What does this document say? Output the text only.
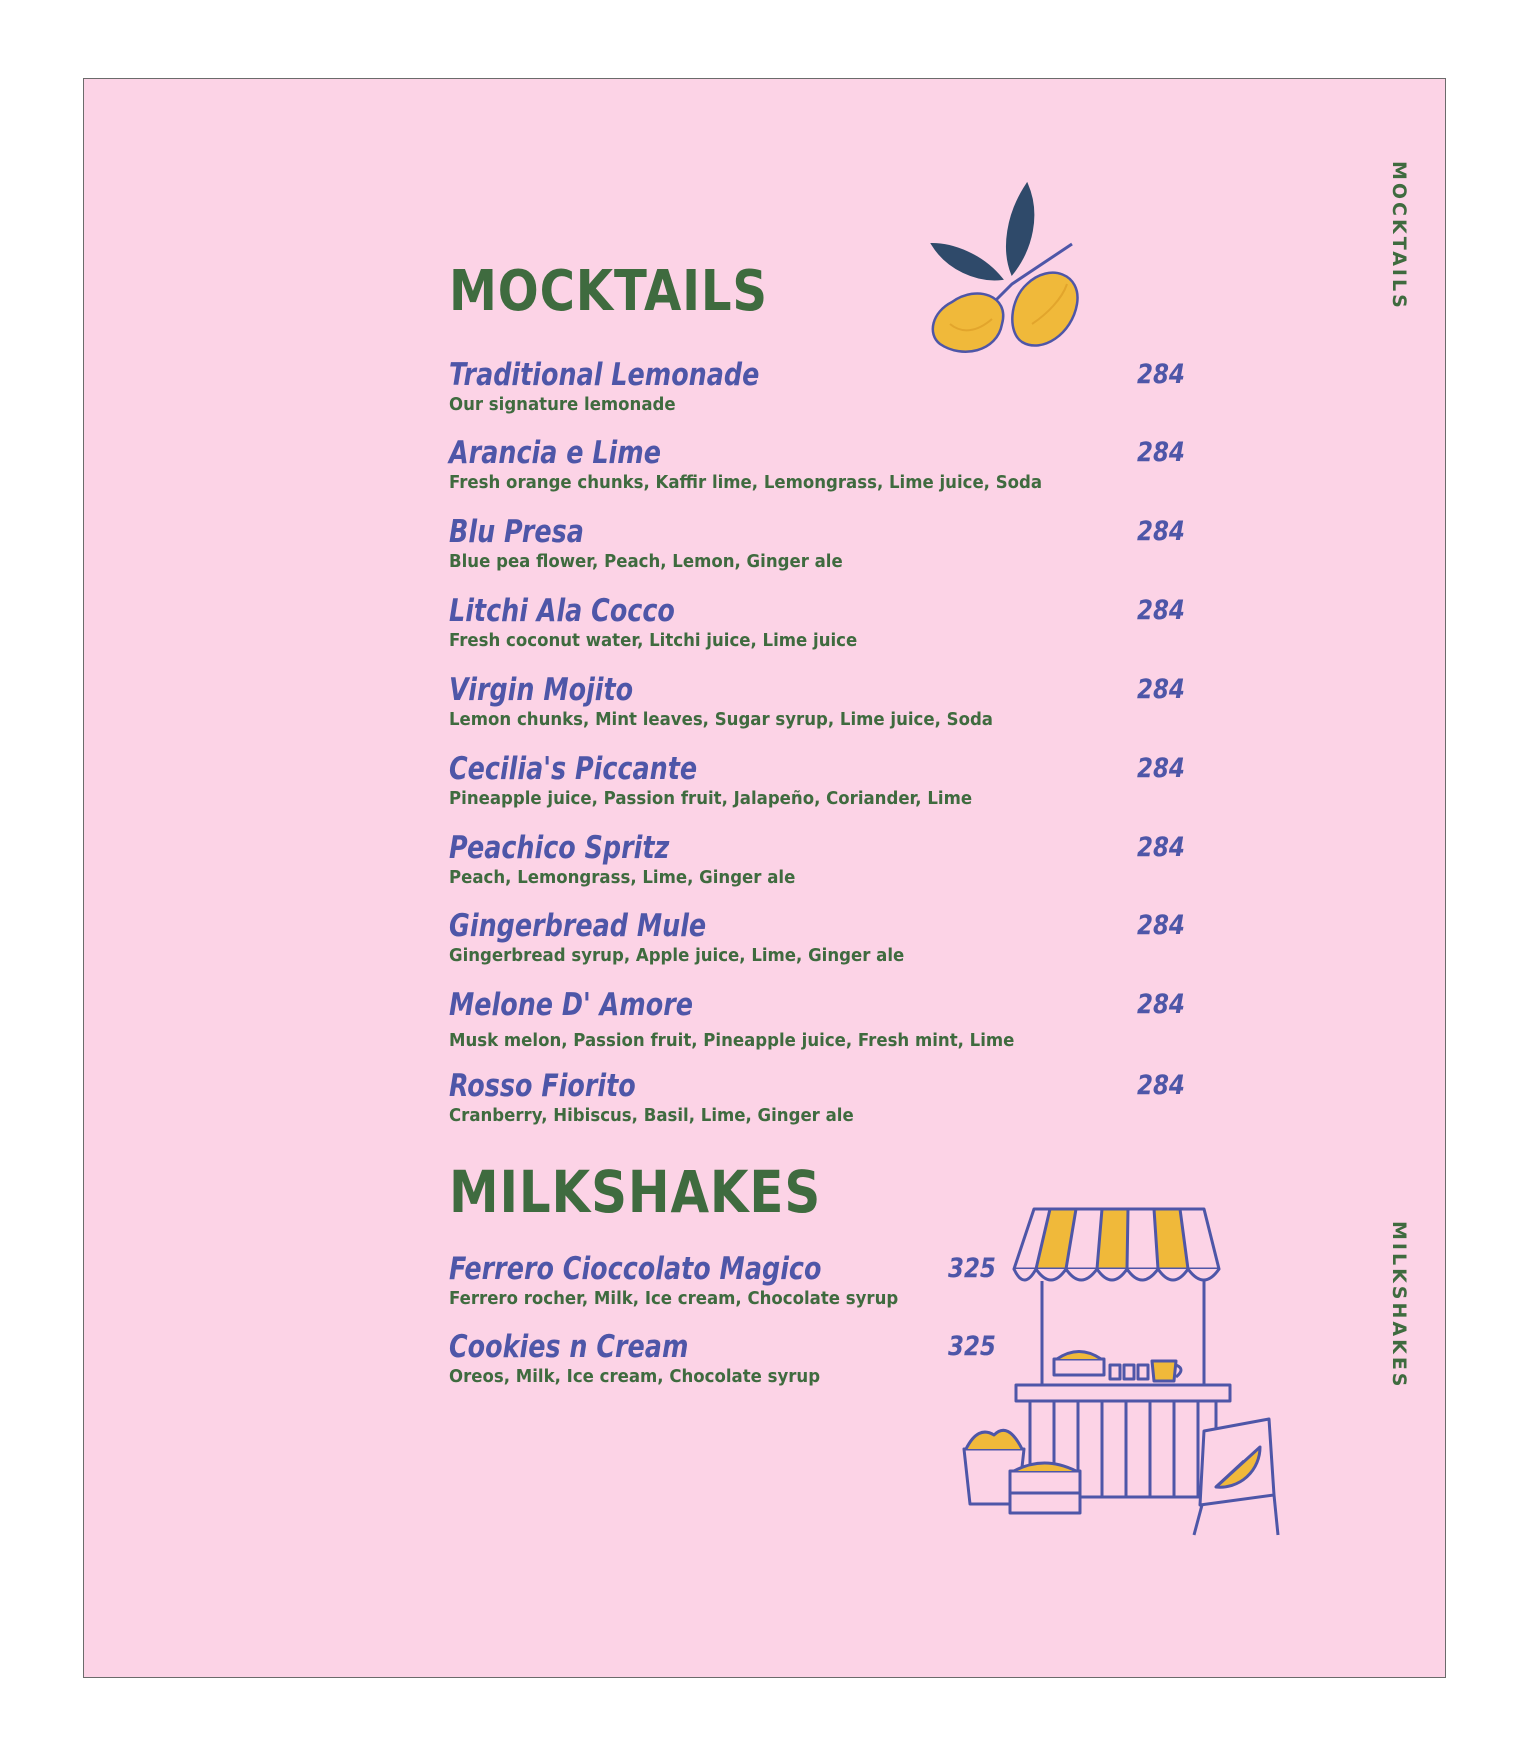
MOCKTAILS
MILKSHAKES
MOCKTAILS
Traditional Lemonade
Our signature lemonade
284
Arancia e Lime
Fresh orange chunks, Kaffir lime, Lemongrass, Lime juice, Soda
284
Blu Presa
Blue pea flower, Peach, Lemon, Ginger ale
284
Litchi Ala Cocco
Fresh coconut water, Litchi juice, Lime juice
284
Virgin Mojito
Lemon chunks, Mint leaves, Sugar syrup, Lime juice, Soda
284
Cecilia's Piccante
Pineapple juice, Passion fruit, Jalapeño, Coriander, Lime
284
Peachico Spritz
Peach, Lemongrass, Lime, Ginger ale
284
Gingerbread Mule
Gingerbread syrup, Apple juice, Lime, Ginger ale
284
Melone D' Amore
Musk melon, Passion fruit, Pineapple juice, Fresh mint, Lime
284
Rosso Fiorito
Cranberry, Hibiscus, Basil, Lime, Ginger ale
284
MILKSHAKES
Ferrero Cioccolato Magico
Ferrero rocher, Milk, Ice cream, Chocolate syrup
325
Cookies n Cream
Oreos, Milk, Ice cream, Chocolate syrup
325
